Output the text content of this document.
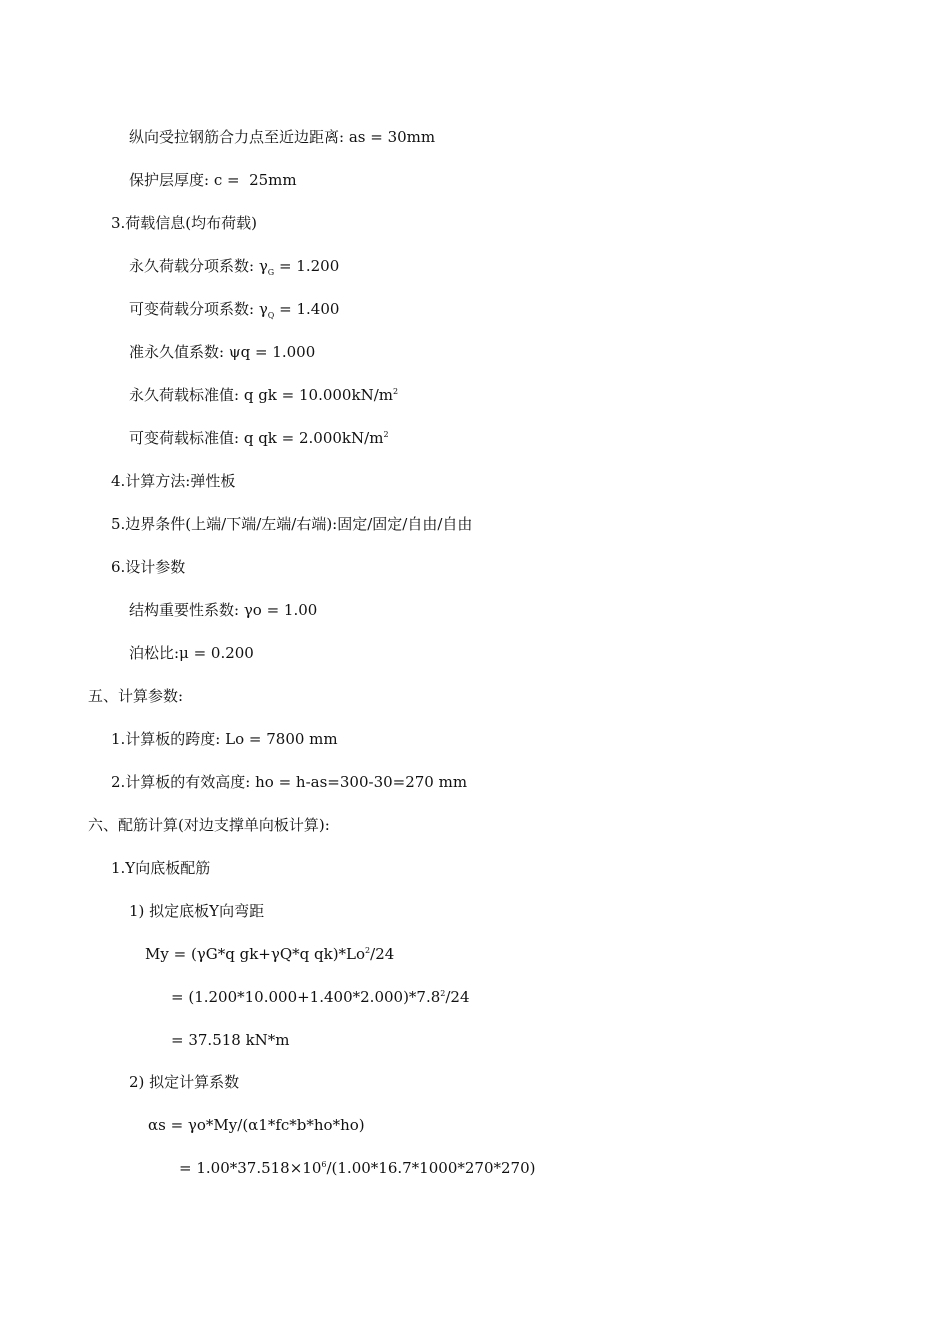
纵向受拉钢筋合力点至近边距离: as = 30mm
保护层厚度: c =  25mm
3.荷载信息(均布荷载)
永久荷载分项系数: $\gamma_G = 1.200$
可变荷载分项系数: $\gamma_Q = 1.400$
准永久值系数: ψq = 1.000
永久荷载标准值: q gk = $10.000kN/m^2$
可变荷载标准值: q qk = $2.000kN/m^2$
4.计算方法:弹性板
5.边界条件(上端/下端/左端/右端):固定/固定/自由/自由
6.设计参数
结构重要性系数: γo = 1.00
泊松比:μ = 0.200
五、计算参数:
1.计算板的跨度: Lo = 7800 mm
2.计算板的有效高度: ho = h-as=300-30=270 mm
六、配筋计算(对边支撑单向板计算):
1.Y向底板配筋
1) 拟定底板Y向弯距
My = (γG*q gk+γQ*q $qk)*Lo^2/24$
= $(1.200*10.000+1.400*2.000)*7.8^2/24$
= 37.518 kN*m
2) 拟定计算系数
αs = γo*My/(α1*fc*b*ho*ho)
= $1.00*37.518\times 10^6/(1.00*16.7*1000*270*270)$
